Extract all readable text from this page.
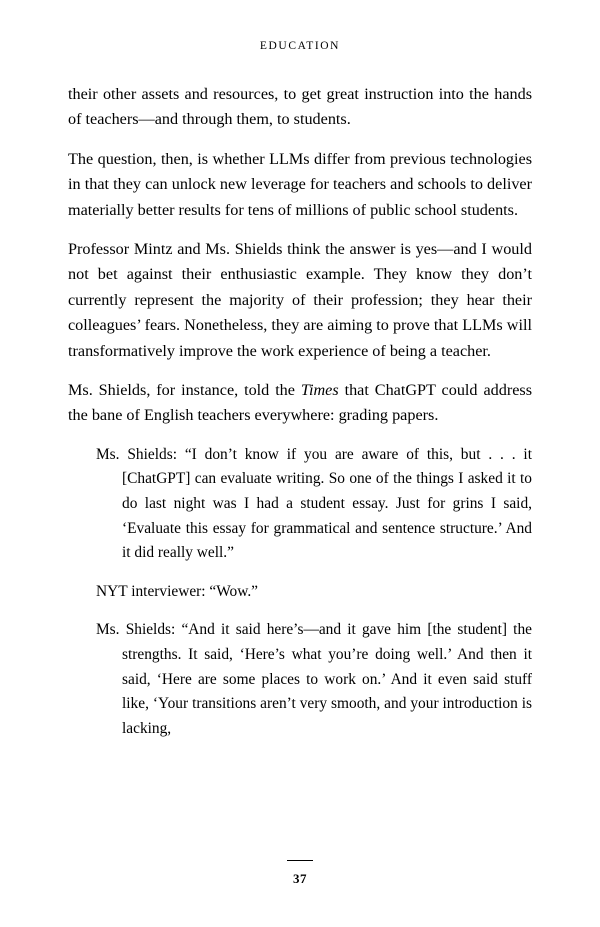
EDUCATION

their other assets and resources, to get great instruction into the hands of teachers—and through them, to students.

The question, then, is whether LLMs differ from previous technologies in that they can unlock new leverage for teachers and schools to deliver materially better results for tens of millions of public school students.

Professor Mintz and Ms. Shields think the answer is yes—and I would not bet against their enthusiastic example. They know they don’t currently represent the majority of their profession; they hear their colleagues’ fears. Nonetheless, they are aiming to prove that LLMs will transformatively improve the work experience of being a teacher.

Ms. Shields, for instance, told the Times that ChatGPT could address the bane of English teachers everywhere: grading papers.

Ms. Shields: “I don’t know if you are aware of this, but . . . it [ChatGPT] can evaluate writing. So one of the things I asked it to do last night was I had a student essay. Just for grins I said, ‘Evaluate this essay for grammatical and sentence structure.’ And it did really well.”
NYT interviewer: “Wow.”
Ms. Shields: “And it said here’s—and it gave him [the student] the strengths. It said, ‘Here’s what you’re doing well.’ And then it said, ‘Here are some places to work on.’ And it even said stuff like, ‘Your transitions aren’t very smooth, and your introduction is lacking,
37
